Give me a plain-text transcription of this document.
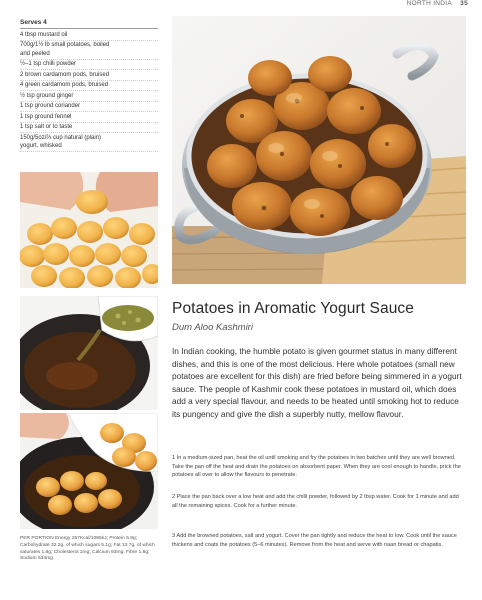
NORTH INDIA 35
Serves 4
4 tbsp mustard oil
700g/1½ lb small potatoes, boiled
and peeled
½–1 tsp chilli powder
2 brown cardamom pods, bruised
4 green cardamom pods, bruised
½ tsp ground ginger
1 tsp ground coriander
1 tsp ground fennel
1 tsp salt or to taste
150g/5oz/⅔ cup natural (plain)
yogurt, whisked
Potatoes in Aromatic Yogurt Sauce
Dum Aloo Kashmiri

In Indian cooking, the humble potato is given gourmet status in many different dishes, and this is one of the most delicious. Here whole potatoes (small new potatoes are excellent for this dish) are fried before being simmered in a yogurt sauce. The people of Kashmir cook these potatoes in mustard oil, which does add a very special flavour, and needs to be heated until smoking hot to reduce its pungency and give the dish a superbly nutty, mellow flavour.

1 In a medium-sized pan, heat the oil until smoking and fry the potatoes in two batches until they are well browned. Take the pan off the heat and drain the potatoes on absorbent paper. When they are cool enough to handle, prick the potatoes all over to allow the flavours to penetrate.

2 Place the pan back over a low heat and add the chilli powder, followed by 2 tbsp water. Cook for 1 minute and add all the remaining spices. Cook for a further minute.

3 Add the browned potatoes, salt and yogurt. Cover the pan tightly and reduce the heat to low. Cook until the sauce thickens and coats the potatoes (5–6 minutes). Remove from the heat and serve with naan bread or chapatis.

PER PORTION Energy 267Kcal/1095kJ; Protein 5.8g; Carbohydrate 32.2g, of which sugars 5.1g; Fat 13.7g, of which saturates 1.8g; Cholesterol 1mg; Calcium 93mg; Fibre 1.8g; Sodium 534mg.
